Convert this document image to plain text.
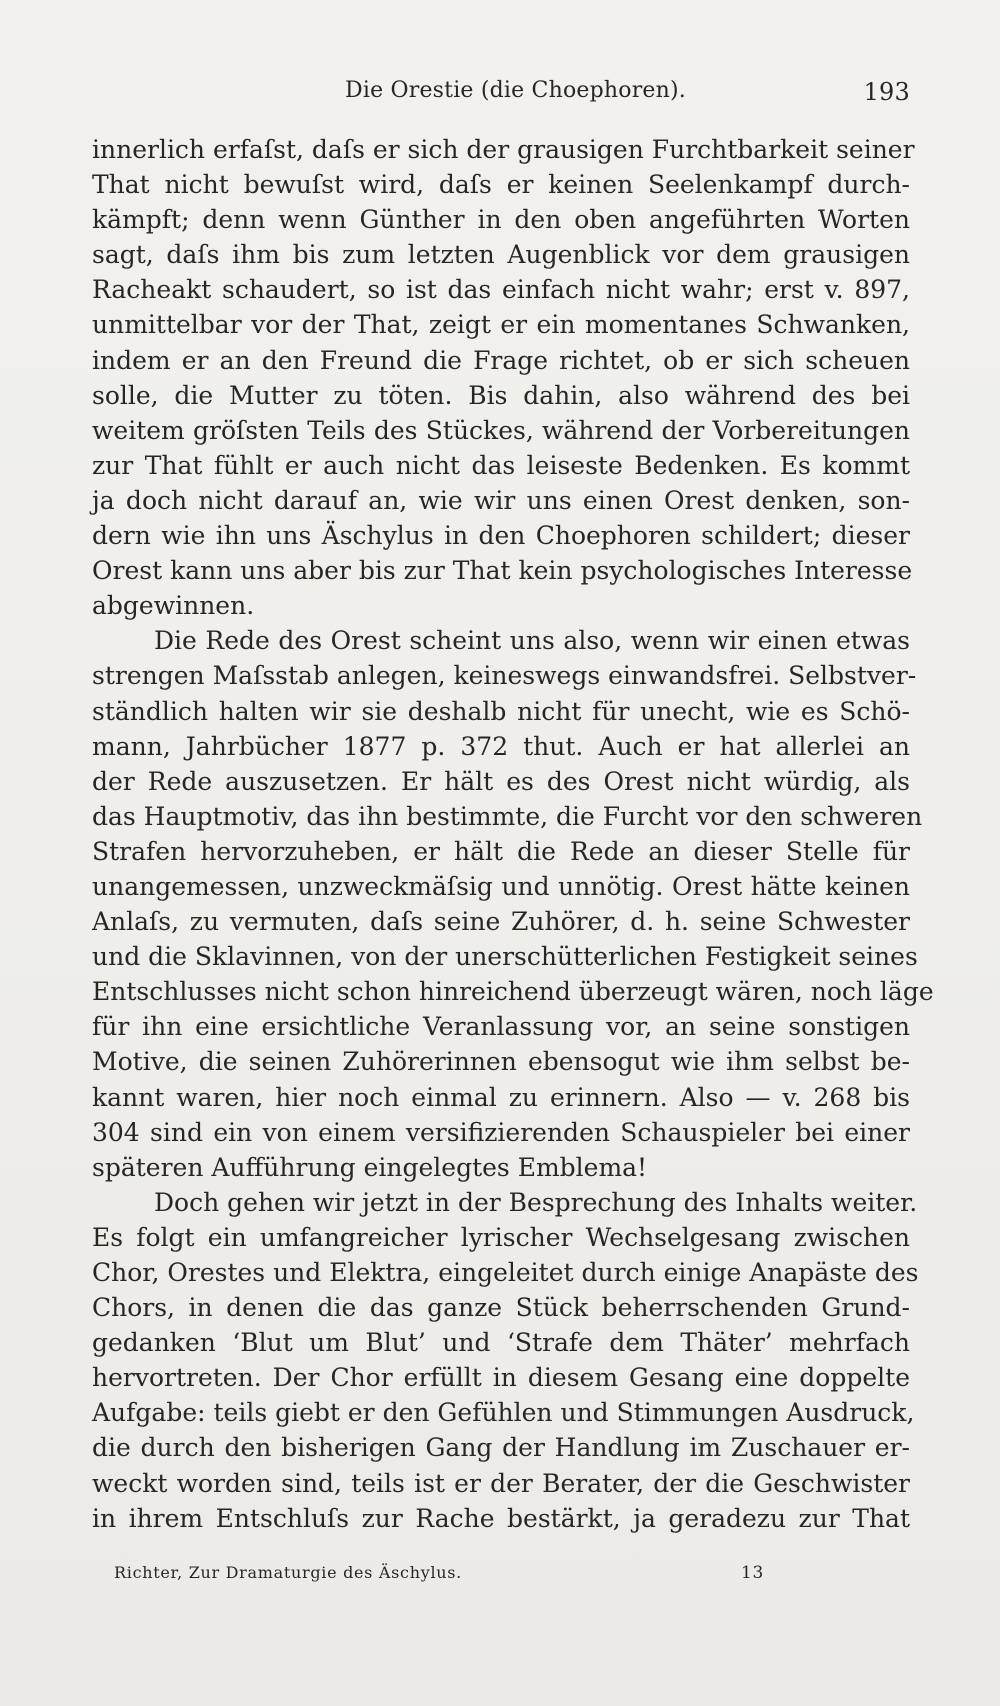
Die Orestie (die Choephoren).	193
innerlich erfaſst, daſs er sich der grausigen Furchtbarkeit seiner
That nicht bewuſst wird, daſs er keinen Seelenkampf durch-
kämpft; denn wenn Günther in den oben angeführten Worten
sagt, daſs ihm bis zum letzten Augenblick vor dem grausigen
Racheakt schaudert, so ist das einfach nicht wahr; erst v. 897,
unmittelbar vor der That, zeigt er ein momentanes Schwanken,
indem er an den Freund die Frage richtet, ob er sich scheuen
solle, die Mutter zu töten. Bis dahin, also während des bei
weitem gröſsten Teils des Stückes, während der Vorbereitungen
zur That fühlt er auch nicht das leiseste Bedenken. Es kommt
ja doch nicht darauf an, wie wir uns einen Orest denken, son-
dern wie ihn uns Äschylus in den Choephoren schildert; dieser
Orest kann uns aber bis zur That kein psychologisches Interesse
abgewinnen.
Die Rede des Orest scheint uns also, wenn wir einen etwas
strengen Maſsstab anlegen, keineswegs einwandsfrei. Selbstver-
ständlich halten wir sie deshalb nicht für unecht, wie es Schö-
mann, Jahrbücher 1877 p. 372 thut. Auch er hat allerlei an
der Rede auszusetzen. Er hält es des Orest nicht würdig, als
das Hauptmotiv, das ihn bestimmte, die Furcht vor den schweren
Strafen hervorzuheben, er hält die Rede an dieser Stelle für
unangemessen, unzweckmäſsig und unnötig. Orest hätte keinen
Anlaſs, zu vermuten, daſs seine Zuhörer, d. h. seine Schwester
und die Sklavinnen, von der unerschütterlichen Festigkeit seines
Entschlusses nicht schon hinreichend überzeugt wären, noch läge
für ihn eine ersichtliche Veranlassung vor, an seine sonstigen
Motive, die seinen Zuhörerinnen ebensogut wie ihm selbst be-
kannt waren, hier noch einmal zu erinnern. Also — v. 268 bis
304 sind ein von einem versifizierenden Schauspieler bei einer
späteren Aufführung eingelegtes Emblema!
Doch gehen wir jetzt in der Besprechung des Inhalts weiter.
Es folgt ein umfangreicher lyrischer Wechselgesang zwischen
Chor, Orestes und Elektra, eingeleitet durch einige Anapäste des
Chors, in denen die das ganze Stück beherrschenden Grund-
gedanken ‘Blut um Blut’ und ‘Strafe dem Thäter’ mehrfach
hervortreten. Der Chor erfüllt in diesem Gesang eine doppelte
Aufgabe: teils giebt er den Gefühlen und Stimmungen Ausdruck,
die durch den bisherigen Gang der Handlung im Zuschauer er-
weckt worden sind, teils ist er der Berater, der die Geschwister
in ihrem Entschluſs zur Rache bestärkt, ja geradezu zur That
Richter, Zur Dramaturgie des Äschylus.	13
